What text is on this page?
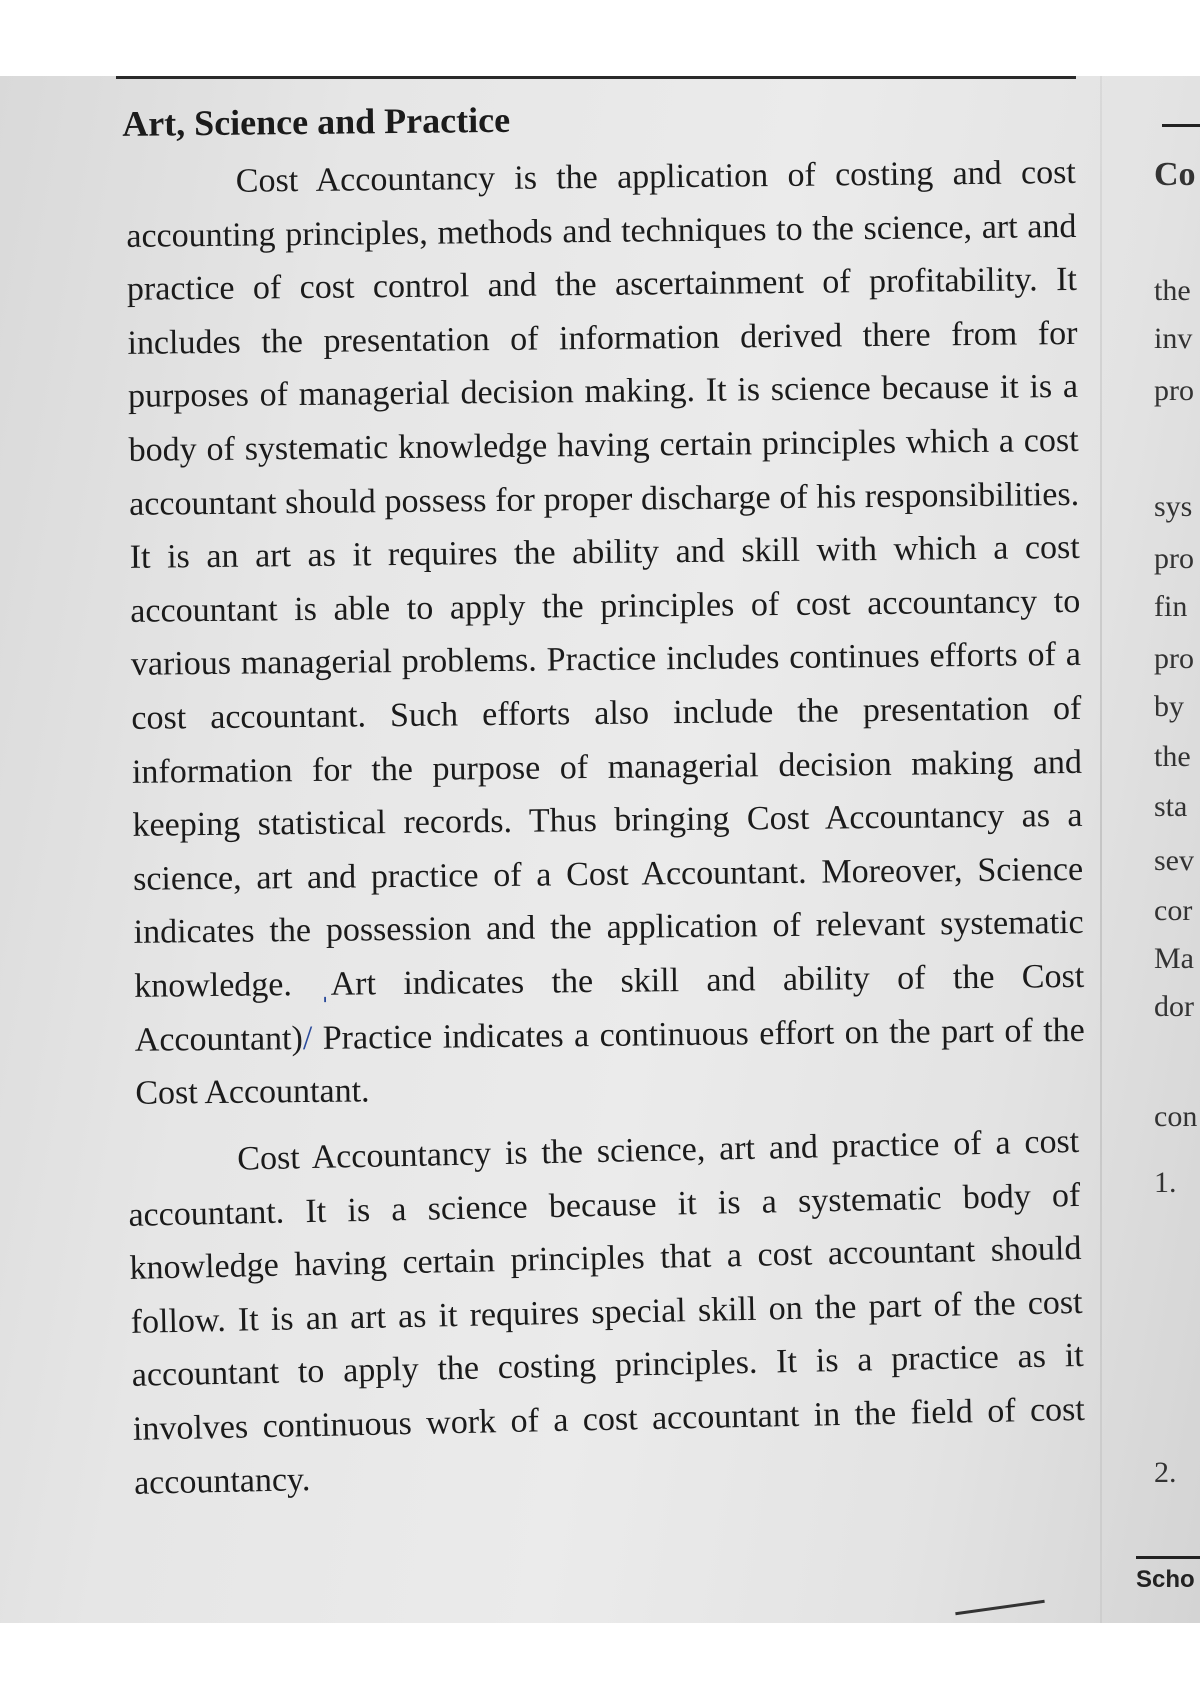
Art, Science and Practice

Cost Accountancy is the application of costing and cost accounting principles, methods and techniques to the science, art and practice of cost control and the ascertainment of profitability. It includes the presentation of information derived there from for purposes of managerial decision making. It is science because it is a body of systematic knowledge having certain principles which a cost accountant should possess for proper discharge of his responsibilities. It is an art as it requires the ability and skill with which a cost accountant is able to apply the principles of cost accountancy to various managerial problems. Practice includes continues efforts of a cost accountant. Such efforts also include the presentation of information for the purpose of managerial decision making and keeping statistical records. Thus bringing Cost Accountancy as a science, art and practice of a Cost Accountant. Moreover, Science indicates the possession and the application of relevant systematic knowledge. ˌArt indicates the skill and ability of the Cost Accountant)/ Practice indicates a continuous effort on the part of the Cost Accountant.

Cost Accountancy is the science, art and practice of a cost accountant. It is a science because it is a systematic body of knowledge having certain principles that a cost accountant should follow. It is an art as it requires special skill on the part of the cost accountant to apply the costing principles. It is a practice as it involves continuous work of a cost accountant in the field of cost accountancy.

Co
the
inv
pro
sys
pro
fin
pro
by
the
sta
sev
cor
Ma
dor
con
1.
2.
Scho
